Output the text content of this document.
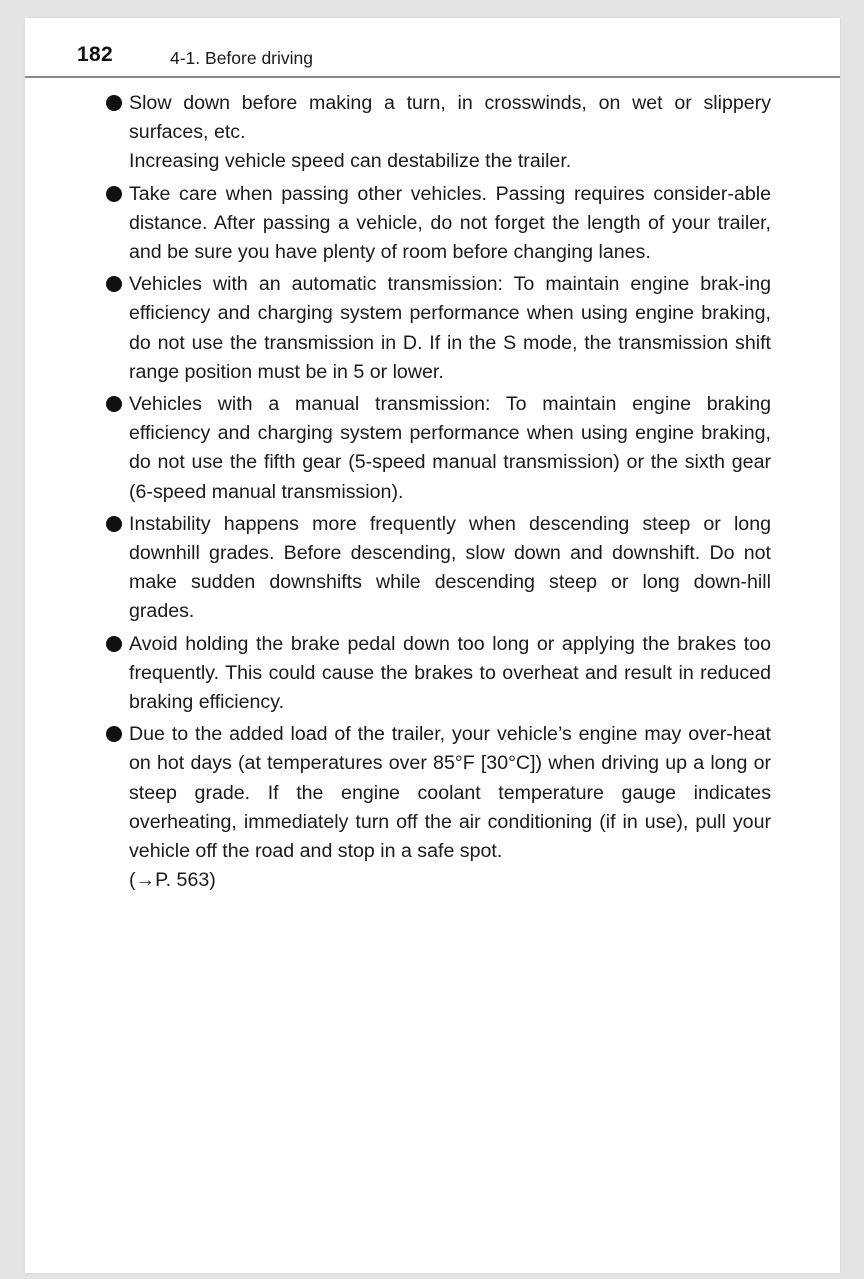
182	4-1. Before driving
Slow down before making a turn, in crosswinds, on wet or slippery surfaces, etc.
Increasing vehicle speed can destabilize the trailer.
Take care when passing other vehicles. Passing requires consider-able distance. After passing a vehicle, do not forget the length of your trailer, and be sure you have plenty of room before changing lanes.
Vehicles with an automatic transmission: To maintain engine brak-ing efficiency and charging system performance when using engine braking, do not use the transmission in D. If in the S mode, the transmission shift range position must be in 5 or lower.
Vehicles with a manual transmission: To maintain engine braking efficiency and charging system performance when using engine braking, do not use the fifth gear (5-speed manual transmission) or the sixth gear (6-speed manual transmission).
Instability happens more frequently when descending steep or long downhill grades. Before descending, slow down and downshift. Do not make sudden downshifts while descending steep or long down-hill grades.
Avoid holding the brake pedal down too long or applying the brakes too frequently. This could cause the brakes to overheat and result in reduced braking efficiency.
Due to the added load of the trailer, your vehicle’s engine may over-heat on hot days (at temperatures over 85°F [30°C]) when driving up a long or steep grade. If the engine coolant temperature gauge indicates overheating, immediately turn off the air conditioning (if in use), pull your vehicle off the road and stop in a safe spot.
(→P. 563)
